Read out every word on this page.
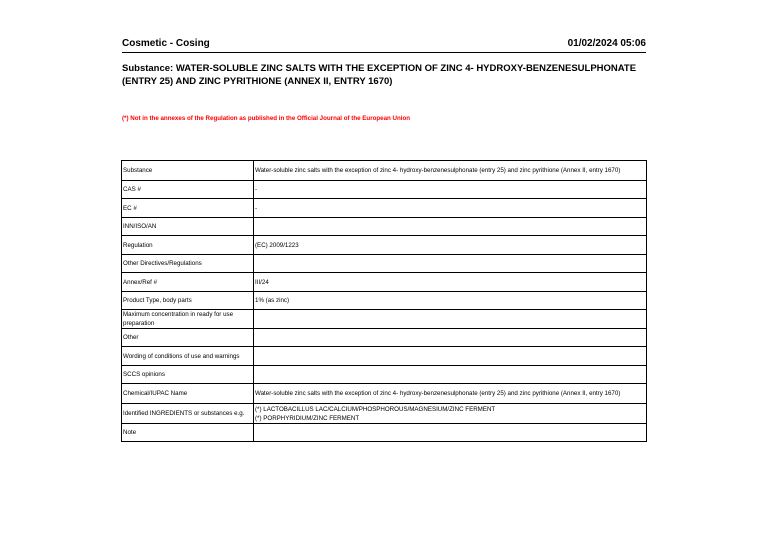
Cosmetic - Cosing	01/02/2024 05:06
Substance: WATER-SOLUBLE ZINC SALTS WITH THE EXCEPTION OF ZINC 4- HYDROXY-BENZENESULPHONATE (ENTRY 25) AND ZINC PYRITHIONE (ANNEX II, ENTRY 1670)
(*) Not in the annexes of the Regulation as published in the Official Journal of the European Union
Substance	Water-soluble zinc salts with the exception of zinc 4- hydroxy-benzenesulphonate (entry 25) and zinc pyrithione (Annex II, entry 1670)
CAS #	-
EC #	-
INN/ISO/AN	
Regulation	(EC) 2009/1223
Other Directives/Regulations	
Annex/Ref #	III/24
Product Type, body parts	1% (as zinc)
Maximum concentration in ready for use preparation	
Other	
Wording of conditions of use and warnings	
SCCS opinions	
Chemical/IUPAC Name	Water-soluble zinc salts with the exception of zinc 4- hydroxy-benzenesulphonate (entry 25) and zinc pyrithione (Annex II, entry 1670)
Identified INGREDIENTS or substances e.g.	(*) LACTOBACILLUS LAC/CALCIUM/PHOSPHOROUS/MAGNESIUM/ZINC FERMENT
(*) PORPHYRIDIUM/ZINC FERMENT

Note	
